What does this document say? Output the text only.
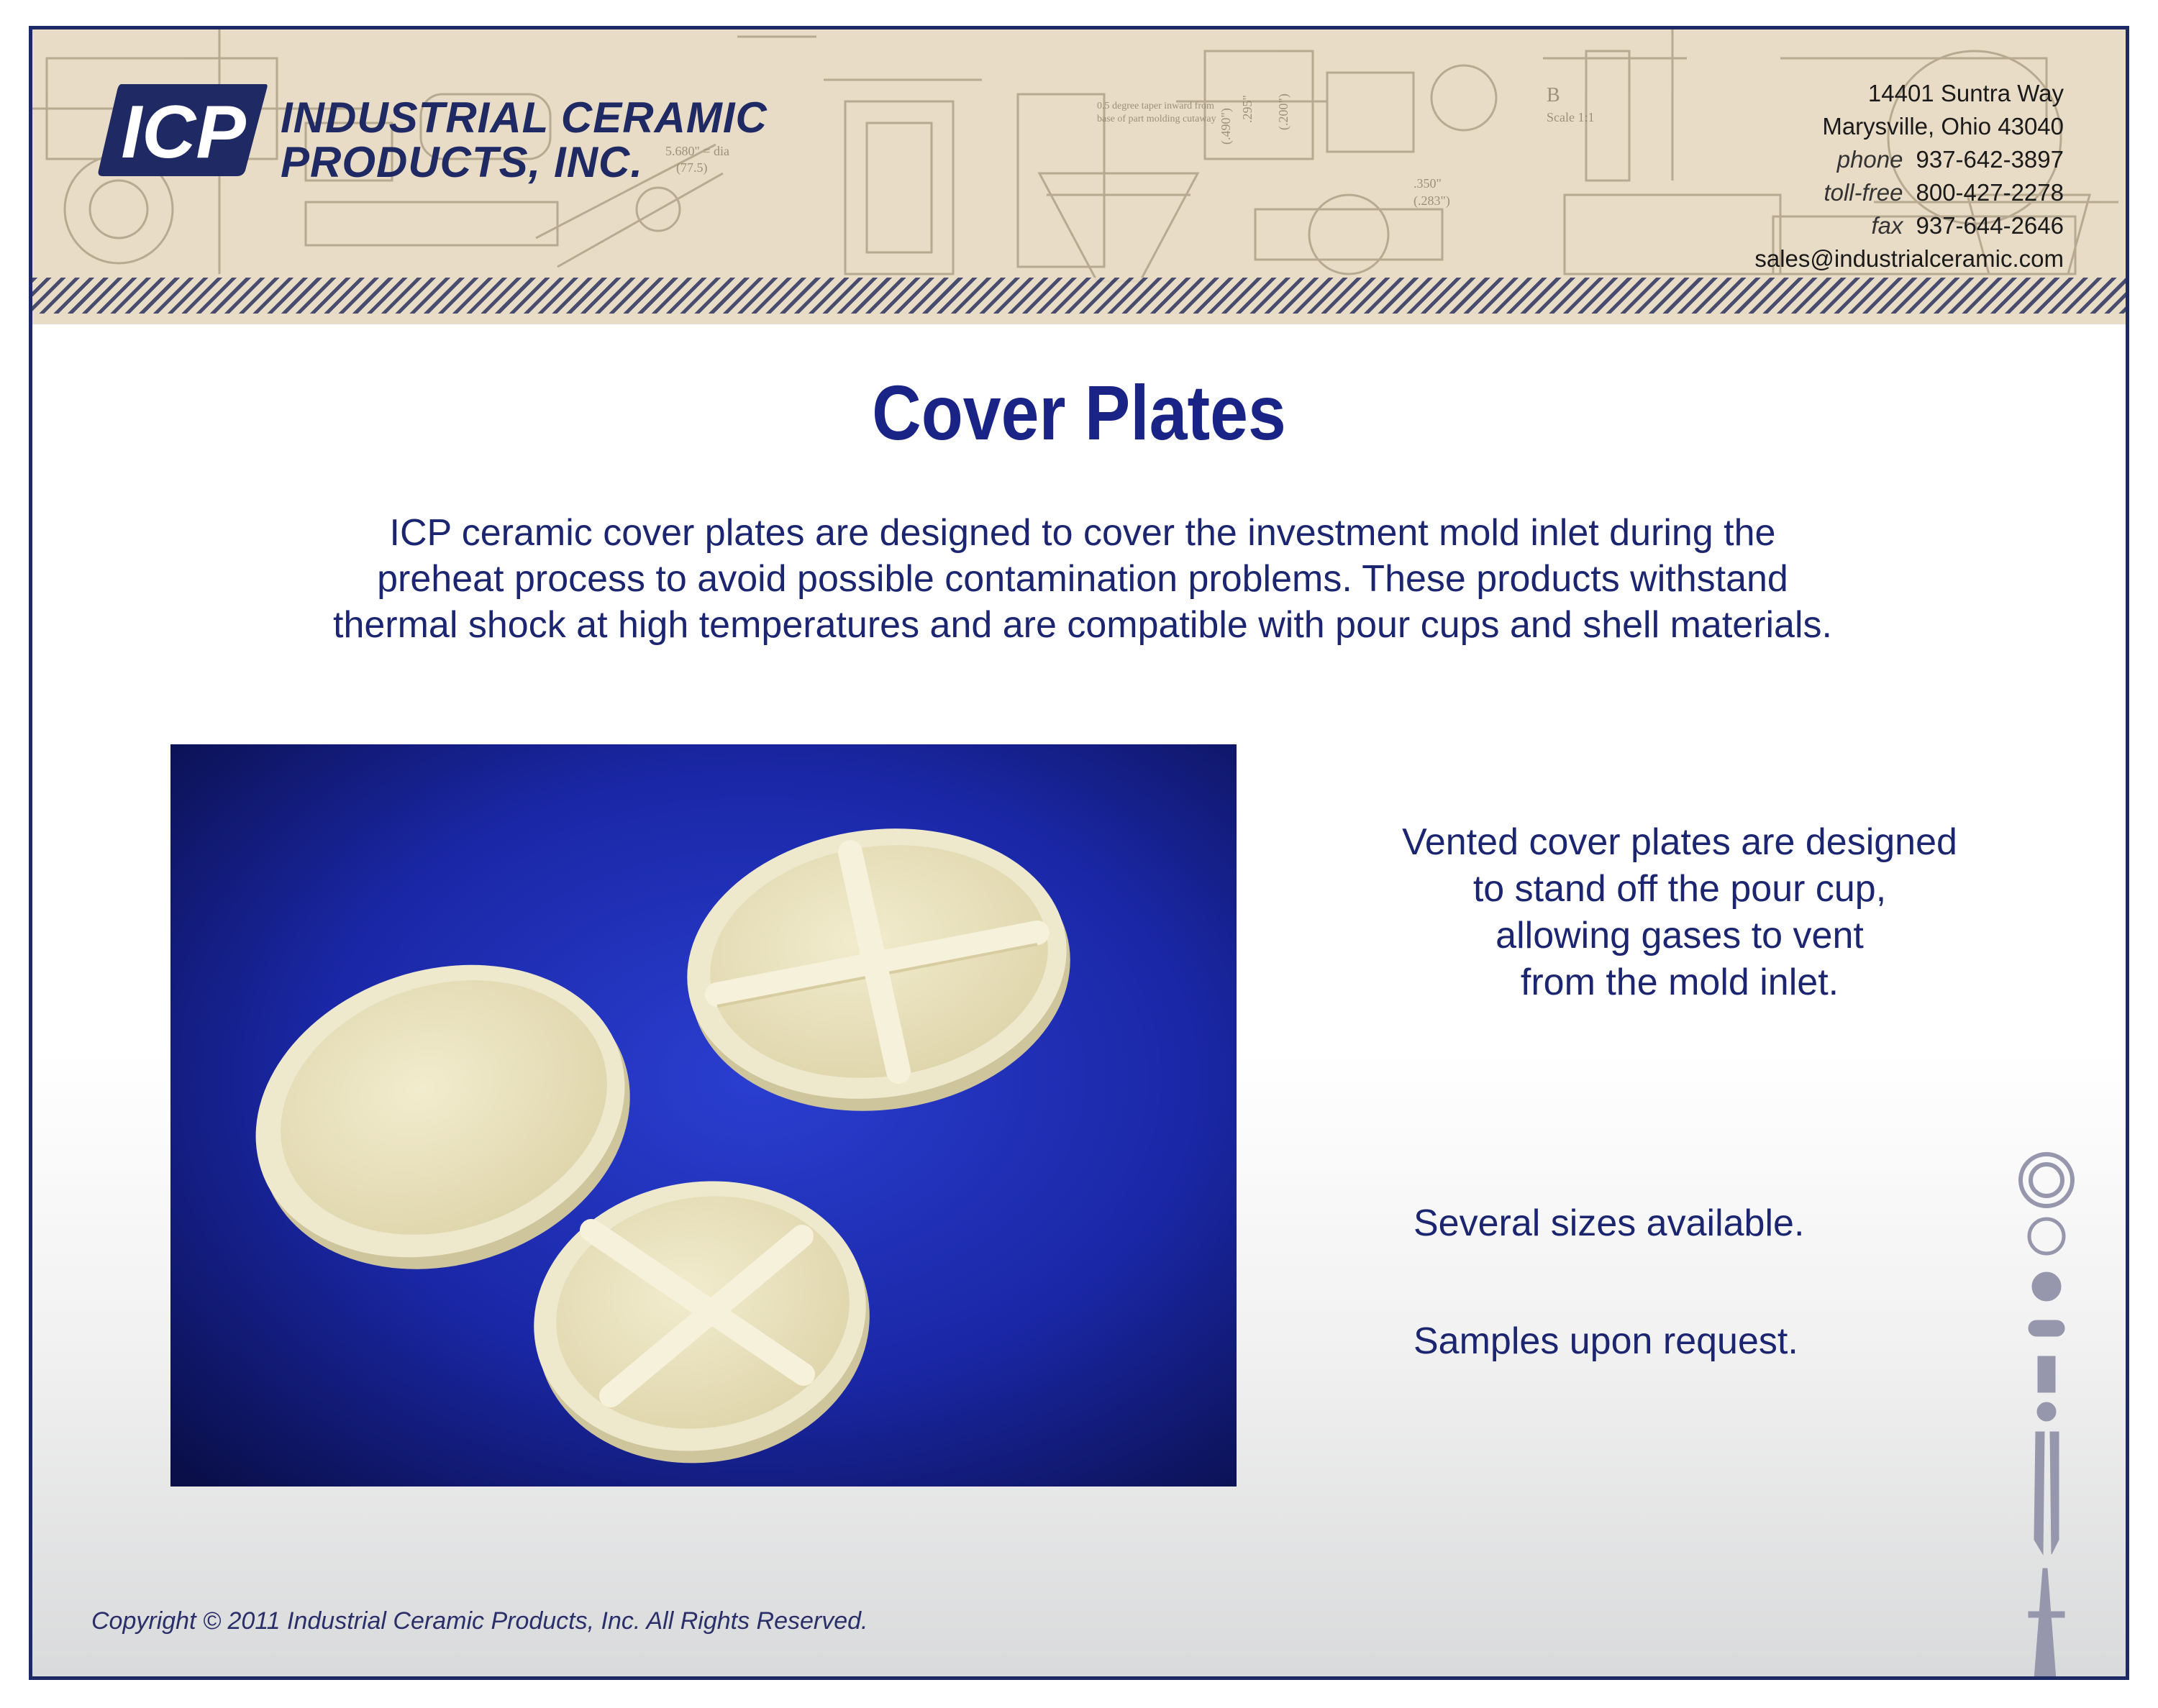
B
Scale 1:1
5.680" = dia
(77.5)
0.5 degree taper inward from
base of part molding cutaway
.350"
(.283")
(.490") .295" (.200")
ICP INDUSTRIAL CERAMIC
PRODUCTS, INC.
14401 Suntra Way
Marysville, Ohio 43040
phone 937-642-3897
toll-free 800-427-2278
fax 937-644-2646
sales@industrialceramic.com
Cover Plates
ICP ceramic cover plates are designed to cover the investment mold inlet during the
preheat process to avoid possible contamination problems. These products withstand
thermal shock at high temperatures and are compatible with pour cups and shell materials.
Vented cover plates are designed
to stand off the pour cup,
allowing gases to vent
from the mold inlet.
Several sizes available.
Samples upon request.
Copyright © 2011 Industrial Ceramic Products, Inc. All Rights Reserved.
